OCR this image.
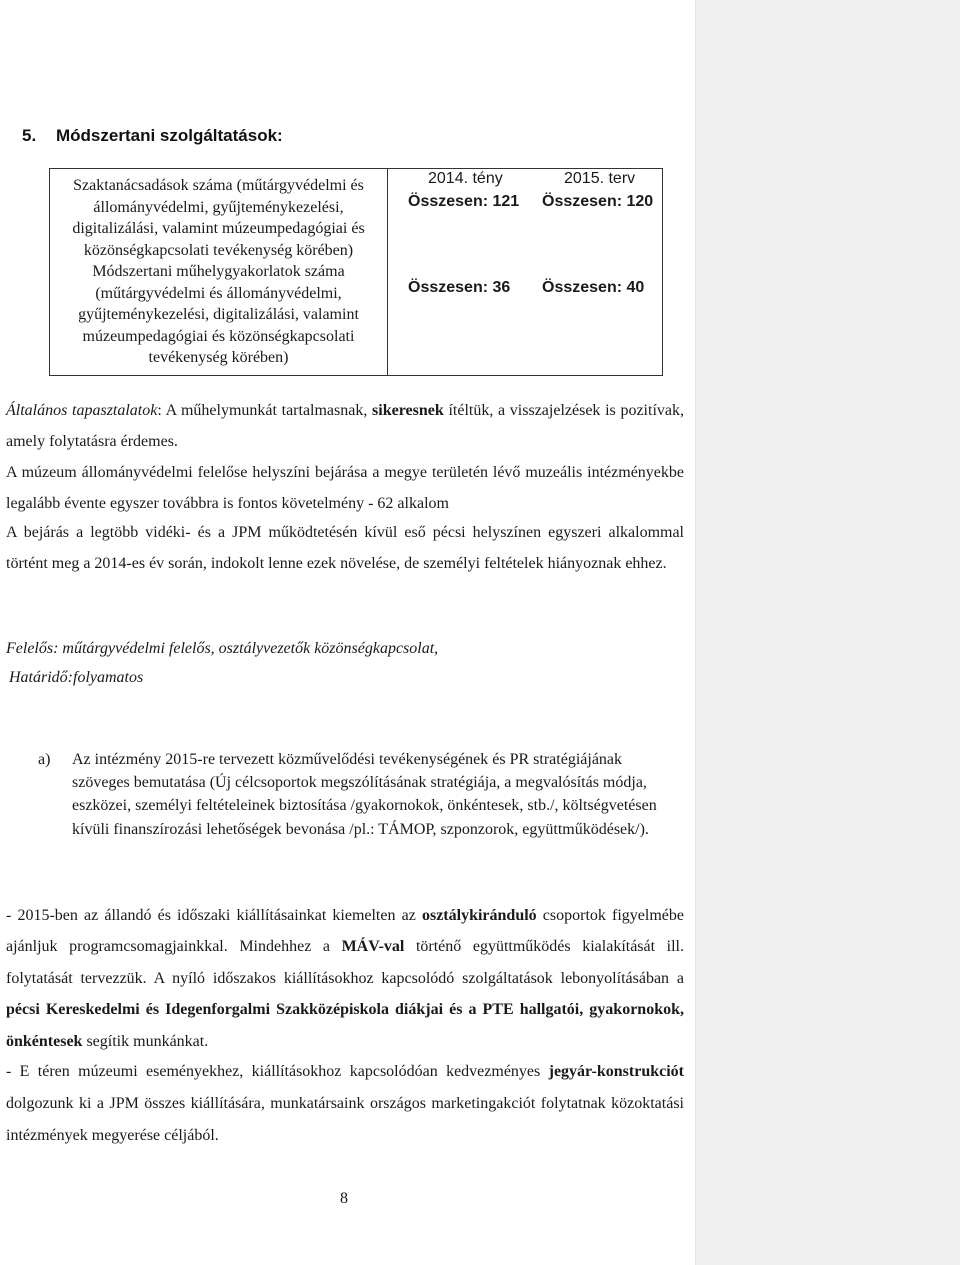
5. Módszertani szolgáltatások:
Szaktanácsadások száma (műtárgyvédelmi és állományvédelmi, gyűjteménykezelési, digitalizálási, valamint múzeumpedagógiai és közönségkapcsolati tevékenység körében)
Módszertani műhelygyakorlatok száma (műtárgyvédelmi és állományvédelmi, gyűjteménykezelési, digitalizálási, valamint múzeumpedagógiai és közönségkapcsolati tevékenység körében)
2014. tény	2015. terv
Összesen: 121 Összesen: 120
Összesen: 36 Összesen: 40
Általános tapasztalatok: A műhelymunkát tartalmasnak, sikeresnek ítéltük, a visszajelzések is pozitívak, amely folytatásra érdemes.
A múzeum állományvédelmi felelőse helyszíni bejárása a megye területén lévő muzeális intézményekbe legalább évente egyszer továbbra is fontos követelmény - 62 alkalom
A bejárás a legtöbb vidéki- és a JPM működtetésén kívül eső pécsi helyszínen egyszeri alkalommal történt meg a 2014-es év során, indokolt lenne ezek növelése, de személyi feltételek hiányoznak ehhez.
Felelős: műtárgyvédelmi felelős, osztályvezetők közönségkapcsolat,
Határidő:folyamatos
a) Az intézmény 2015-re tervezett közművelődési tevékenységének és PR stratégiájának szöveges bemutatása (Új célcsoportok megszólításának stratégiája, a megvalósítás módja, eszközei, személyi feltételeinek biztosítása /gyakornokok, önkéntesek, stb./, költségvetésen kívüli finanszírozási lehetőségek bevonása /pl.: TÁMOP, szponzorok, együttműködések/).
- 2015-ben az állandó és időszaki kiállításainkat kiemelten az osztálykiránduló csoportok figyelmébe ajánljuk programcsomagjainkkal. Mindehhez a MÁV-val történő együttműködés kialakítását ill. folytatását tervezzük. A nyíló időszakos kiállításokhoz kapcsolódó szolgáltatások lebonyolításában a pécsi Kereskedelmi és Idegenforgalmi Szakközépiskola diákjai és a PTE hallgatói, gyakornokok, önkéntesek segítik munkánkat.
- E téren múzeumi eseményekhez, kiállításokhoz kapcsolódóan kedvezményes jegyár-konstrukciót dolgozunk ki a JPM összes kiállítására, munkatársaink országos marketingakciót folytatnak közoktatási intézmények megyerése céljából.
8
